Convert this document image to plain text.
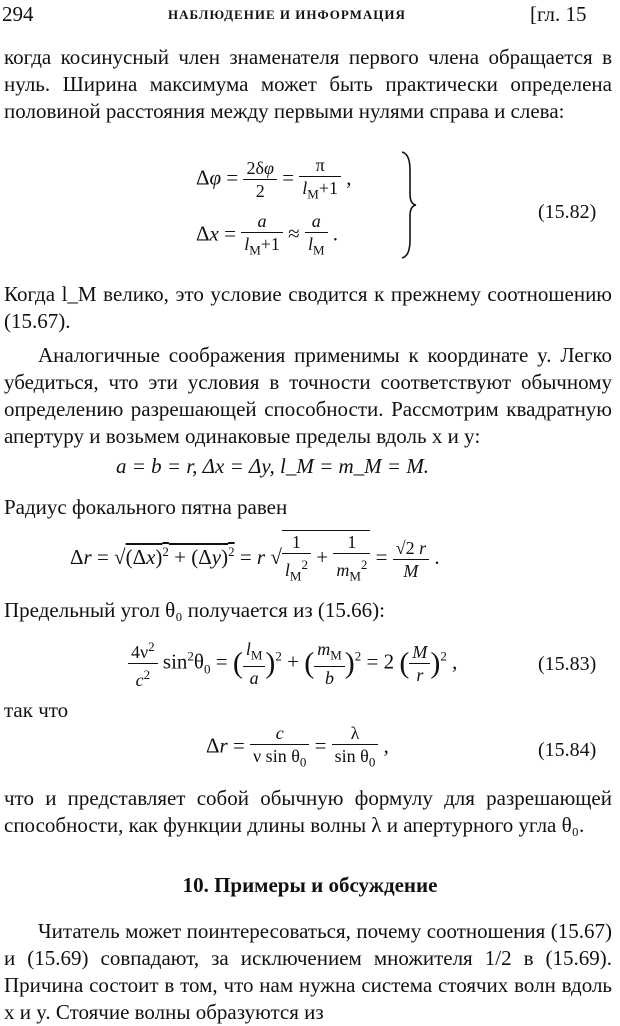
294	НАБЛЮДЕНИЕ И ИНФОРМАЦИЯ	[гл. 15

когда косинусный член знаменателя первого члена обращается в нуль. Ширина максимума может быть практически определена половиной расстояния между первыми нулями справа и слева:

$\Delta\varphi = \frac{2\delta\varphi}{2} = \frac{\pi}{l_M+1}$ ,
$\Delta x = \frac{a}{l_M+1} \approx \frac{a}{l_M}$ .
(15.82)

Когда l_M велико, это условие сводится к прежнему соотношению (15.67).

Аналогичные соображения применимы к координате y. Легко убедиться, что эти условия в точности соответствуют обычному определению разрешающей способности. Рассмотрим квадратную апертуру и возьмем одинаковые пределы вдоль x и y:

a = b = r, Δx = Δy, l_M = m_M = M.

Радиус фокального пятна равен

$\Delta r = √(\Delta x)^2 + (\Delta y)^2 = r$ √ $\frac{1}{l_M^2} + \frac{1}{m_M^2} = \frac{√2 r}{M}$ .

Предельный угол θ₀ получается из (15.66):

$\frac{4\nu^2}{c^2} \sin^2\theta_0$ = ( $\frac{l_M}{a} )^2$ + ( $\frac{m_M}{b} )^2 = 2$ ( $\frac{M}{r} )^2$ ,	(15.83)

так что

$\Delta r = \frac{c}{\nu \sin \theta_0} = \frac{\lambda}{\sin \theta_0}$ ,	(15.84)

что и представляет собой обычную формулу для разрешающей способности, как функции длины волны λ и апертурного угла θ₀.

10. Примеры и обсуждение

Читатель может поинтересоваться, почему соотношения (15.67) и (15.69) совпадают, за исключением множителя 1/2 в (15.69). Причина состоит в том, что нам нужна система стоячих волн вдоль x и y. Стоячие волны образуются из
